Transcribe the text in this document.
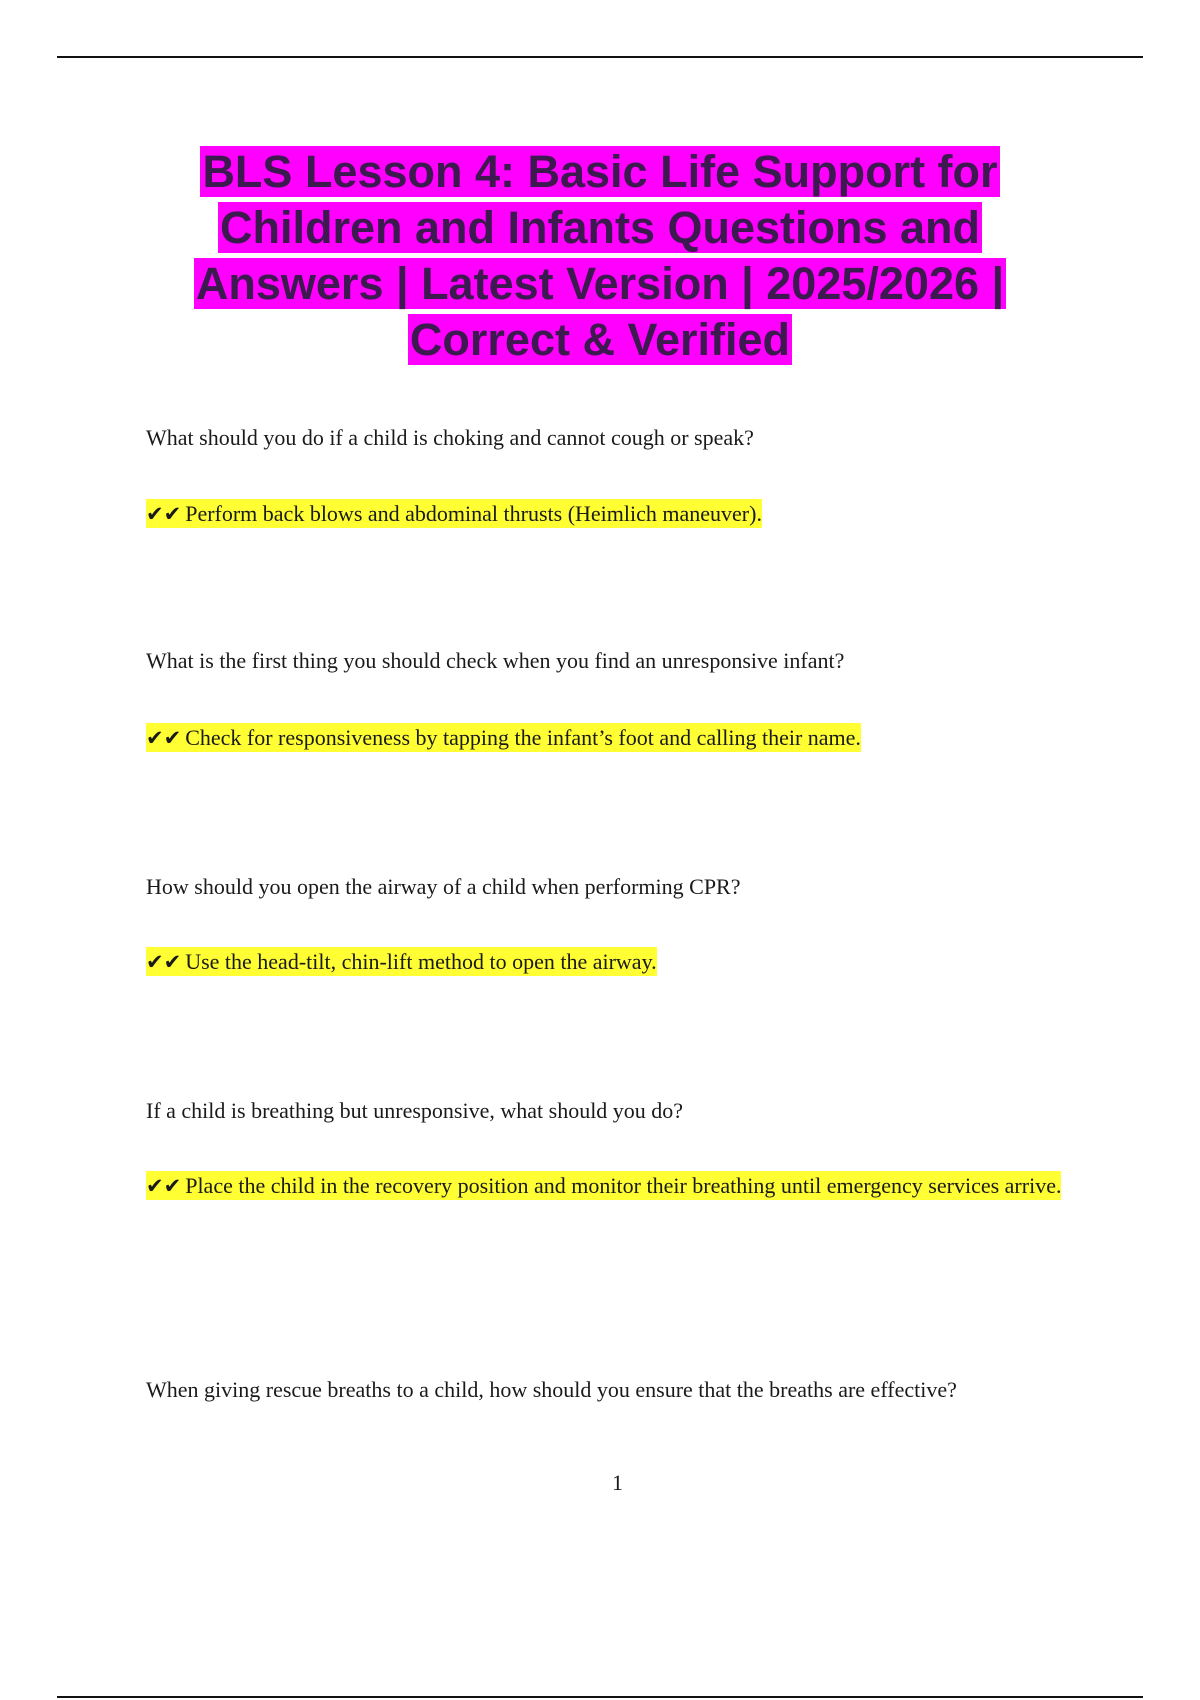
BLS Lesson 4: Basic Life Support for Children and Infants Questions and Answers | Latest Version | 2025/2026 | Correct & Verified

What should you do if a child is choking and cannot cough or speak?

✔✔ Perform back blows and abdominal thrusts (Heimlich maneuver).

What is the first thing you should check when you find an unresponsive infant?

✔✔ Check for responsiveness by tapping the infant’s foot and calling their name.

How should you open the airway of a child when performing CPR?

✔✔ Use the head-tilt, chin-lift method to open the airway.

If a child is breathing but unresponsive, what should you do?

✔✔ Place the child in the recovery position and monitor their breathing until emergency services arrive.

When giving rescue breaths to a child, how should you ensure that the breaths are effective?

1
